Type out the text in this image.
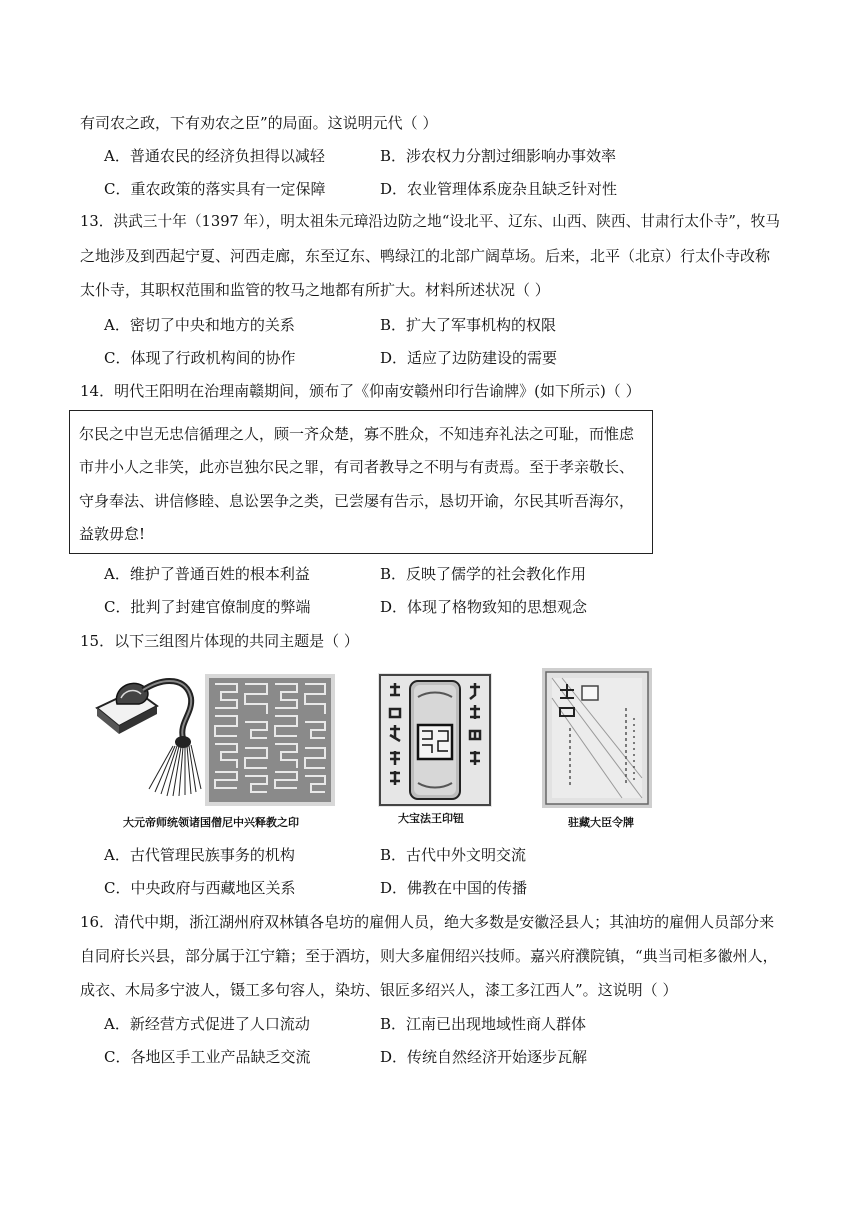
有司农之政，下有劝农之臣”的局面。这说明元代（ ）
A．普通农民的经济负担得以减轻	B．涉农权力分割过细影响办事效率
C．重农政策的落实具有一定保障	D．农业管理体系庞杂且缺乏针对性
13．洪武三十年（1397 年），明太祖朱元璋沿边防之地“设北平、辽东、山西、陕西、甘肃行太仆寺”，牧马
之地涉及到西起宁夏、河西走廊，东至辽东、鸭绿江的北部广阔草场。后来，北平（北京）行太仆寺改称
太仆寺，其职权范围和监管的牧马之地都有所扩大。材料所述状况（ ）
A．密切了中央和地方的关系	B．扩大了军事机构的权限
C．体现了行政机构间的协作	D．适应了边防建设的需要
14．明代王阳明在治理南赣期间，颁布了《仰南安赣州印行告谕牌》(如下所示)（ ）
尔民之中岂无忠信循理之人，顾一齐众楚，寡不胜众，不知违弃礼法之可耻，而惟虑
市井小人之非笑，此亦岂独尔民之罪，有司者教导之不明与有责焉。至于孝亲敬长、
守身奉法、讲信修睦、息讼罢争之类，已尝屡有告示，恳切开谕，尔民其听吾海尔，
益敦毋怠!
A．维护了普通百姓的根本利益	B．反映了儒学的社会教化作用
C．批判了封建官僚制度的弊端	D．体现了格物致知的思想观念
15．以下三组图片体现的共同主题是（ ）
大元帝师统领诸国僧尼中兴释教之印	大宝法王印钮	驻藏大臣令牌
A．古代管理民族事务的机构	B．古代中外文明交流
C．中央政府与西藏地区关系	D．佛教在中国的传播
16．清代中期，浙江湖州府双林镇各皂坊的雇佣人员，绝大多数是安徽泾县人；其油坊的雇佣人员部分来
自同府长兴县，部分属于江宁籍；至于酒坊，则大多雇佣绍兴技师。嘉兴府濮院镇，“典当司柜多徽州人，
成衣、木局多宁波人，镊工多句容人，染坊、银匠多绍兴人，漆工多江西人”。这说明（ ）
A．新经营方式促进了人口流动	B．江南已出现地域性商人群体
C．各地区手工业产品缺乏交流	D．传统自然经济开始逐步瓦解
